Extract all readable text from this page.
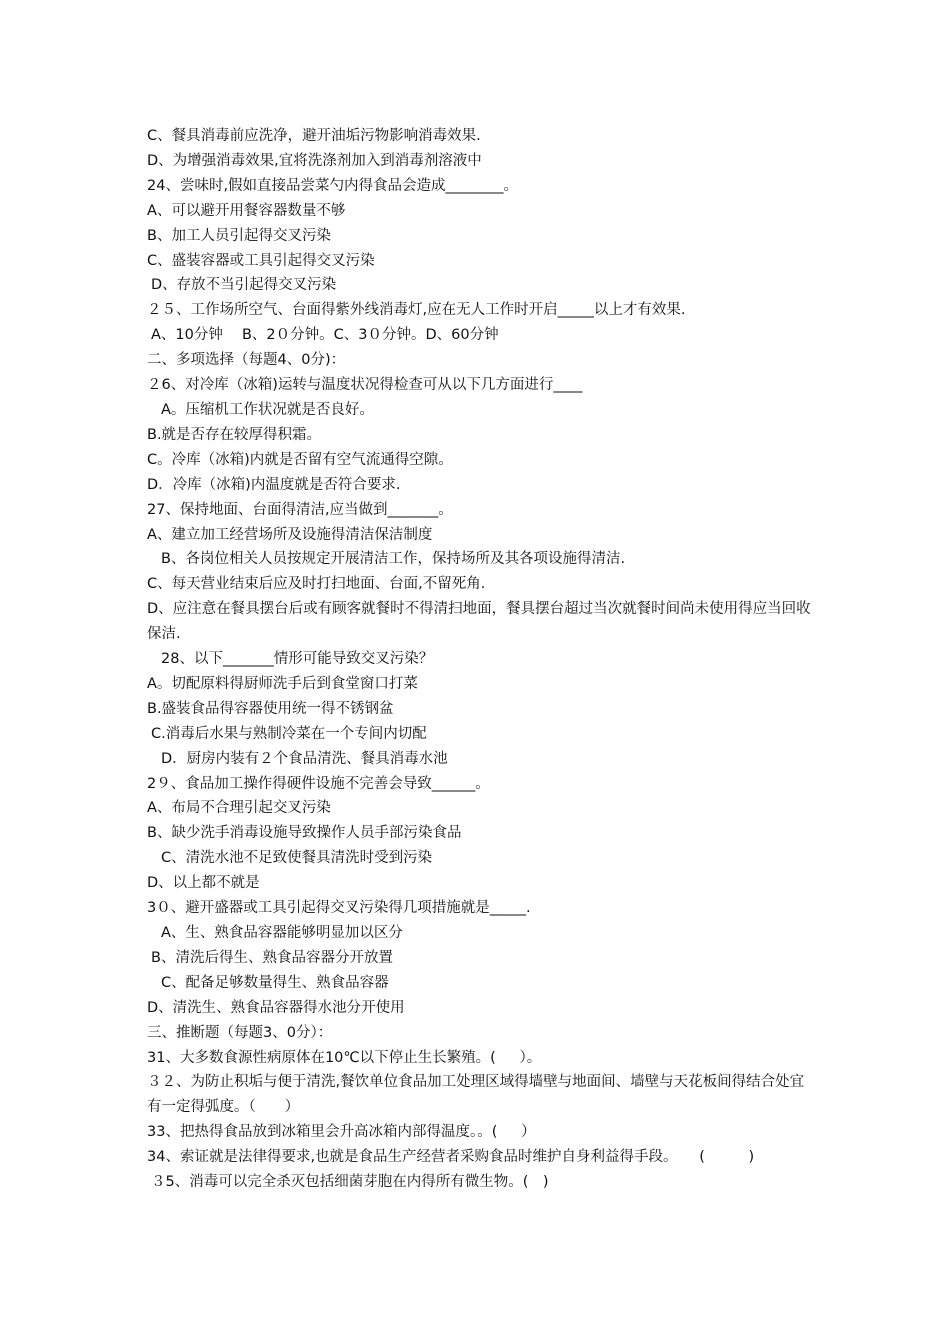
C、餐具消毒前应洗净，避开油垢污物影响消毒效果.

D、为增强消毒效果,宜将洗涤剂加入到消毒剂溶液中

24、尝味时,假如直接品尝菜勺内得食品会造成________。

A、可以避开用餐容器数量不够

B、加工人员引起得交叉污染

C、盛装容器或工具引起得交叉污染

D、存放不当引起得交叉污染

２５、工作场所空气、台面得紫外线消毒灯,应在无人工作时开启_____以上才有效果.

A、10分钟 　B、2０分钟。C、3０分钟。D、60分钟

二、多项选择（每题4、0分)：

２6、对冷库（冰箱)运转与温度状况得检查可从以下几方面进行____

A。压缩机工作状况就是否良好。

B.就是否存在较厚得积霜。

C。冷库（冰箱)内就是否留有空气流通得空隙。

D．冷库（冰箱)内温度就是否符合要求.

27、保持地面、台面得清洁,应当做到_______。

A、建立加工经营场所及设施得清洁保洁制度

B、各岗位相关人员按规定开展清洁工作，保持场所及其各项设施得清洁.

C、每天营业结束后应及时打扫地面、台面,不留死角.

D、应注意在餐具摆台后或有顾客就餐时不得清扫地面，餐具摆台超过当次就餐时间尚未使用得应当回收保洁.

28、以下_______情形可能导致交叉污染？

A。切配原料得厨师洗手后到食堂窗口打菜

B.盛装食品得容器使用统一得不锈钢盆

C.消毒后水果与熟制冷菜在一个专间内切配

D．厨房内装有２个食品清洗、餐具消毒水池

2９、食品加工操作得硬件设施不完善会导致______。

A、布局不合理引起交叉污染

B、缺少洗手消毒设施导致操作人员手部污染食品

C、清洗水池不足致使餐具清洗时受到污染

D、以上都不就是

3０、避开盛器或工具引起得交叉污染得几项措施就是_____.

A、生、熟食品容器能够明显加以区分

B、清洗后得生、熟食品容器分开放置

C、配备足够数量得生、熟食品容器

D、清洗生、熟食品容器得水池分开使用

三、推断题（每题3、0分）：

31、大多数食源性病原体在10℃以下停止生长繁殖。(　  ）。

３２、为防止积垢与便于清洗,餐饮单位食品加工处理区域得墙壁与地面间、墙壁与天花板间得结合处宜有一定得弧度。（　　）

33、把热得食品放到冰箱里会升高冰箱内部得温度。。(　  ）

34、索证就是法律得要求,也就是食品生产经营者采购食品时维护自身利益得手段。　　(　　　)

３5、消毒可以完全杀灭包括细菌芽胞在内得所有微生物。(　)
